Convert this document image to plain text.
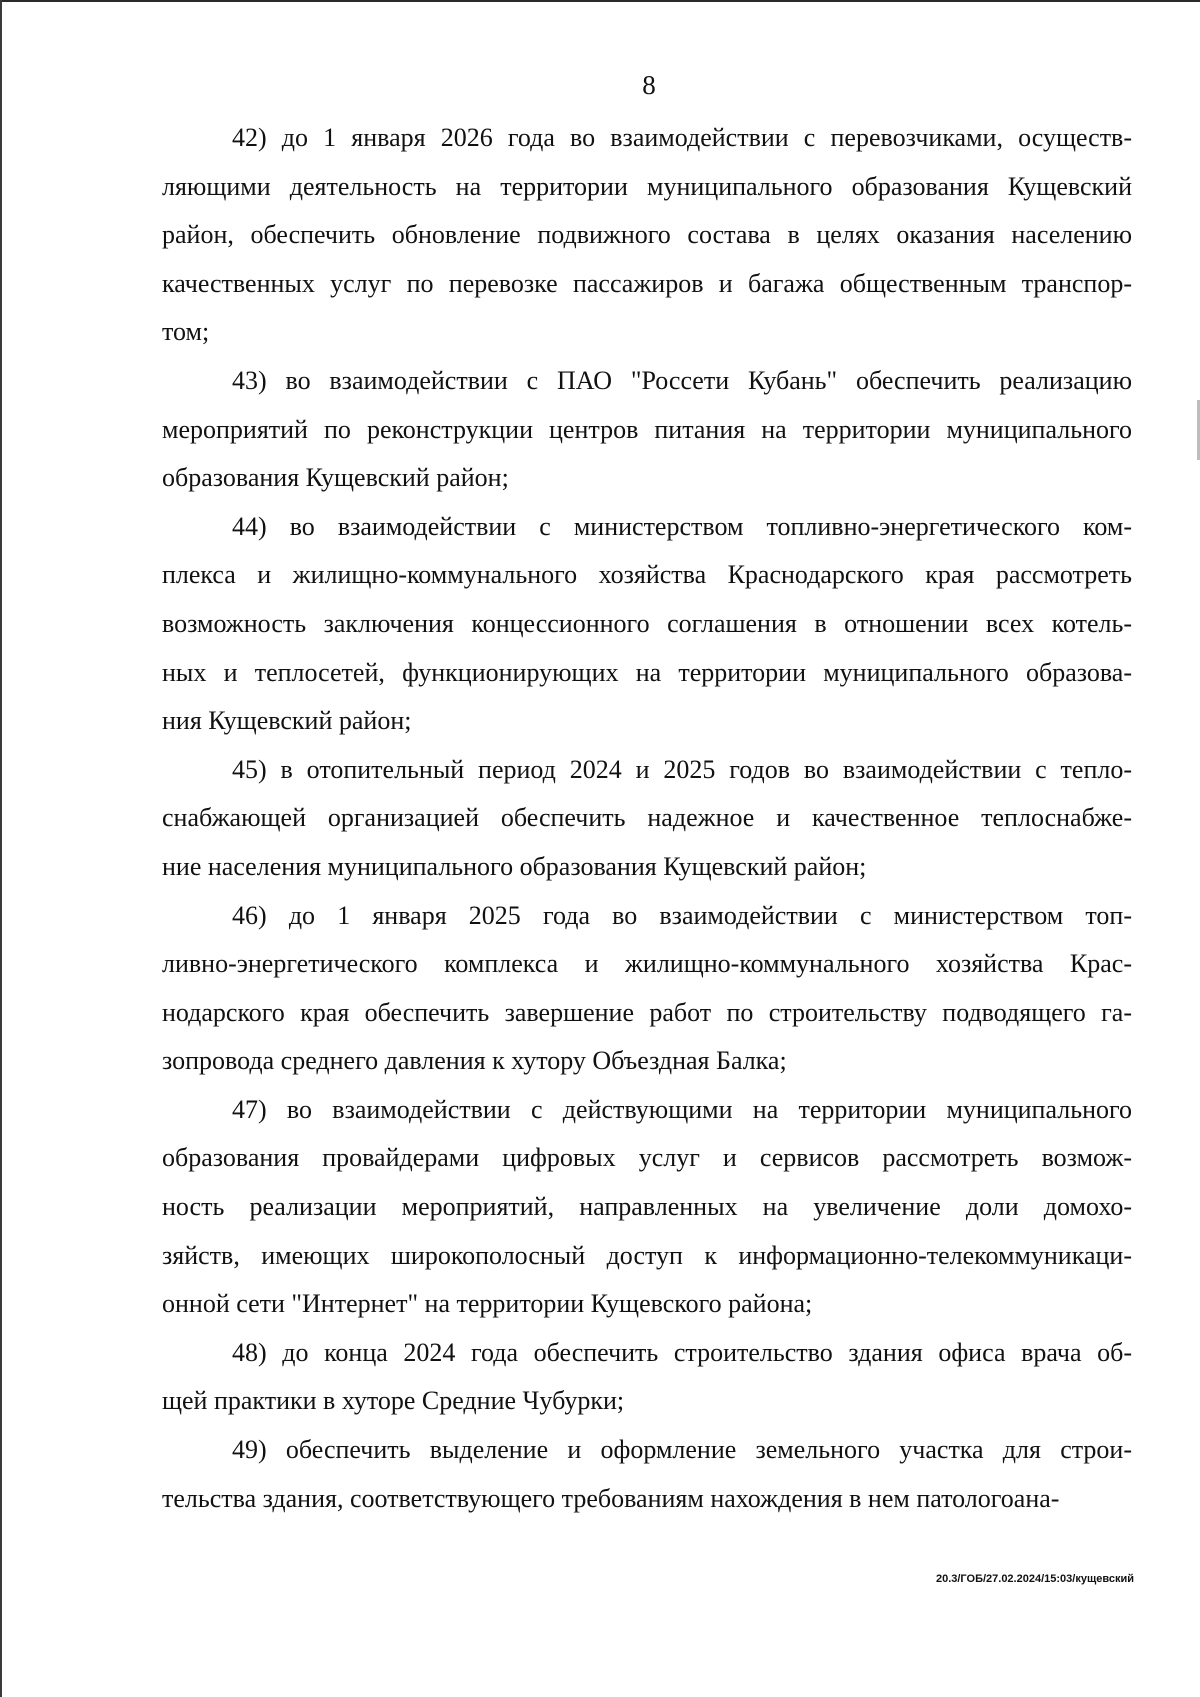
8

42) до 1 января 2026 года во взаимодействии с перевозчиками, осуществ-
ляющими деятельность на территории муниципального образования Кущевский
район, обеспечить обновление подвижного состава в целях оказания населению
качественных услуг по перевозке пассажиров и багажа общественным транспор-
том;

43) во взаимодействии с ПАО "Россети Кубань" обеспечить реализацию
мероприятий по реконструкции центров питания на территории муниципального
образования Кущевский район;

44) во взаимодействии с министерством топливно-энергетического ком-
плекса и жилищно-коммунального хозяйства Краснодарского края рассмотреть
возможность заключения концессионного соглашения в отношении всех котель-
ных и теплосетей, функционирующих на территории муниципального образова-
ния Кущевский район;

45) в отопительный период 2024 и 2025 годов во взаимодействии с тепло-
снабжающей организацией обеспечить надежное и качественное теплоснабже-
ние населения муниципального образования Кущевский район;

46) до 1 января 2025 года во взаимодействии с министерством топ-
ливно-энергетического комплекса и жилищно-коммунального хозяйства Крас-
нодарского края обеспечить завершение работ по строительству подводящего га-
зопровода среднего давления к хутору Объездная Балка;

47) во взаимодействии с действующими на территории муниципального
образования провайдерами цифровых услуг и сервисов рассмотреть возмож-
ность реализации мероприятий, направленных на увеличение доли домохо-
зяйств, имеющих широкополосный доступ к информационно-телекоммуникаци-
онной сети "Интернет" на территории Кущевского района;

48) до конца 2024 года обеспечить строительство здания офиса врача об-
щей практики в хуторе Средние Чубурки;

49) обеспечить выделение и оформление земельного участка для строи-
тельства здания, соответствующего требованиям нахождения в нем патологоана-

20.3/ГОБ/27.02.2024/15:03/кущевский
